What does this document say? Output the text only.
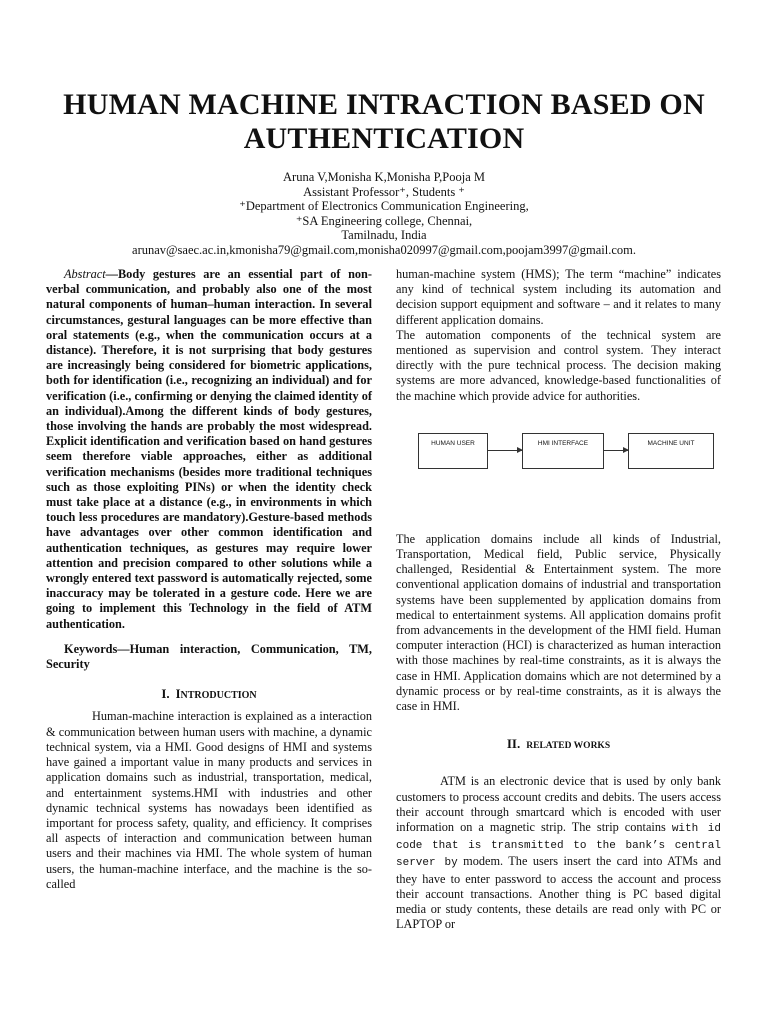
HUMAN MACHINE INTRACTION BASED ON AUTHENTICATION
Aruna V,Monisha K,Monisha P,Pooja M
Assistant Professor⁺, Students ⁺
⁺Department of Electronics Communication Engineering,
⁺SA Engineering college, Chennai,
Tamilnadu, India
arunav@saec.ac.in,kmonisha79@gmail.com,monisha020997@gmail.com,poojam3997@gmail.com.

Abstract—Body gestures are an essential part of non-verbal communication, and probably also one of the most natural components of human–human interaction. In several circumstances, gestural languages can be more effective than oral statements (e.g., when the communication occurs at a distance). Therefore, it is not surprising that body gestures are increasingly being considered for biometric applications, both for identification (i.e., recognizing an individual) and for verification (i.e., confirming or denying the claimed identity of an individual).Among the different kinds of body gestures, those involving the hands are probably the most widespread. Explicit identification and verification based on hand gestures seem therefore viable approaches, either as additional verification mechanisms (besides more traditional techniques such as those exploiting PINs) or when the identity check must take place at a distance (e.g., in environments in which touch less procedures are mandatory).Gesture-based methods have advantages over other common identification and authentication techniques, as gestures may require lower attention and precision compared to other solutions while a wrongly entered text password is automatically rejected, some inaccuracy may be tolerated in a gesture code. Here we are going to implement this Technology in the field of ATM authentication.

Keywords—Human interaction, Communication, TM, Security

I. INTRODUCTION

Human-machine interaction is explained as a interaction & communication between human users with machine, a dynamic technical system, via a HMI. Good designs of HMI and systems have gained a important value in many products and services in application domains such as industrial, transportation, medical, and entertainment systems.HMI with industries and other dynamic technical systems has nowadays been identified as important for process safety, quality, and efficiency. It comprises all aspects of interaction and communication between human users and their machines via HMI. The whole system of human users, the human-machine interface, and the machine is the so-called

human-machine system (HMS); The term “machine” indicates any kind of technical system including its automation and decision support equipment and software – and it relates to many different application domains.

The automation components of the technical system are mentioned as supervision and control system. They interact directly with the pure technical process. The decision making systems are more advanced, knowledge-based functionalities of the machine which provide advice for authorities.

HUMAN USER	HMI INTERFACE	MACHINE UNIT

The application domains include all kinds of Industrial, Transportation, Medical field, Public service, Physically challenged, Residential & Entertainment system. The more conventional application domains of industrial and transportation systems have been supplemented by application domains from medical to entertainment systems. All application domains profit from advancements in the development of the HMI field. Human computer interaction (HCI) is characterized as human interaction with those machines by real-time constraints, as it is always the case in HMI. Application domains which are not determined by a dynamic process or by real-time constraints, as it is always the case in HMI.

II. RELATED WORKS

ATM is an electronic device that is used by only bank customers to process account credits and debits. The users access their account through smartcard which is encoded with user information on a magnetic strip. The strip contains with id code that is transmitted to the bank’s central server by modem. The users insert the card into ATMs and they have to enter password to access the account and process their account transactions. Another thing is PC based digital media or study contents, these details are read only with PC or LAPTOP or
